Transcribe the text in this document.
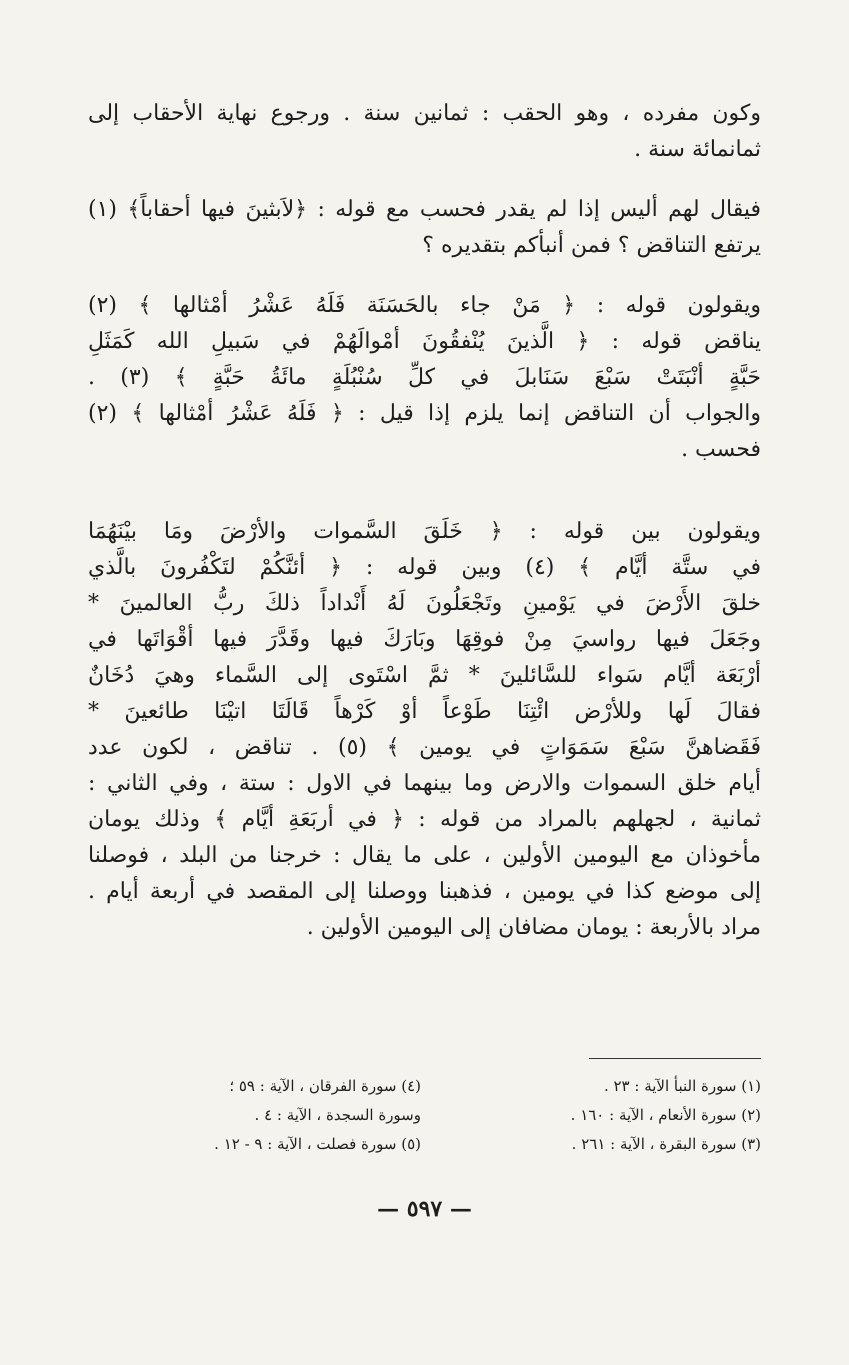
وكون مفرده ، وهو الحقب : ثمانين سنة . ورجوع نهاية الأحقاب إلى

ثمانمائة سنة .

فيقال لهم أليس إذا لم يقدر فحسب مع قوله : ﴿لاَبثينَ فيها أحقاباً﴾ (١)

يرتفع التناقض ؟ فمن أنبأكم بتقديره ؟

ويقولون قوله : ﴿ مَنْ جاء بالحَسَنَة فَلَهُ عَشْرُ أمْثالها ﴾ (٢)

يناقض قوله : ﴿ الَّذينَ يُنْفقُونَ أمْوالَهُمْ في سَبيلِ الله كَمَثَلِ

حَبَّةٍ أنْبَتَتْ سَبْعَ سَنَابلَ في كلِّ سُنْبُلَةٍ مائَةُ حَبَّةٍ ﴾ (٣) .

والجواب أن التناقض إنما يلزم إذا قيل : ﴿ فَلَهُ عَشْرُ أمْثالها ﴾ (٢)

فحسب .

ويقولون بين قوله : ﴿ خَلَقَ السَّموات والأرْضَ ومَا بيْنَهُمَا

في ستَّة أيَّام ﴾ (٤) وبين قوله : ﴿ أئنَّكُمْ لتَكْفُرونَ بالَّذي

خلقَ الأَرْضَ في يَوْمينِ وتَجْعَلُونَ لَهُ أَنْداداً ذلكَ ربُّ العالمينَ *

وجَعَلَ فيها رواسيَ مِنْ فوقِهَا وبَارَكَ فيها وقَدَّرَ فيها أقْوَاتَها في

أرْبَعَة أيَّام سَواء للسَّائلينَ * ثمَّ اسْتَوى إلى السَّماء وهيَ دُخَانٌ

فقالَ لَها وللأرْض ائْتِنَا طَوْعاً أوْ كَرْهاً قَالَتَا اتيْنَا طائعينَ *

فَقَضاهنَّ سَبْعَ سَمَوَاتٍ في يومين ﴾ (٥) . تناقض ، لكون عدد

أيام خلق السموات والارض وما بينهما في الاول : ستة ، وفي الثاني :

ثمانية ، لجهلهم بالمراد من قوله : ﴿ في أربَعَةِ أيَّام ﴾ وذلك يومان

مأخوذان مع اليومين الأولين ، على ما يقال : خرجنا من البلد ، فوصلنا

إلى موضع كذا في يومين ، فذهبنا ووصلنا إلى المقصد في أربعة أيام .

مراد بالأربعة : يومان مضافان إلى اليومين الأولين .

(١) سورة النبأ الآية : ٢٣ .

(٢) سورة الأنعام ، الآية : ١٦٠ .

(٣) سورة البقرة ، الآية : ٢٦١ .

(٤) سورة الفرقان ، الآية : ٥٩ ؛

وسورة السجدة ، الآية : ٤ .

(٥) سورة فصلت ، الآية : ٩ - ١٢ .

— ٥٩٧ —
